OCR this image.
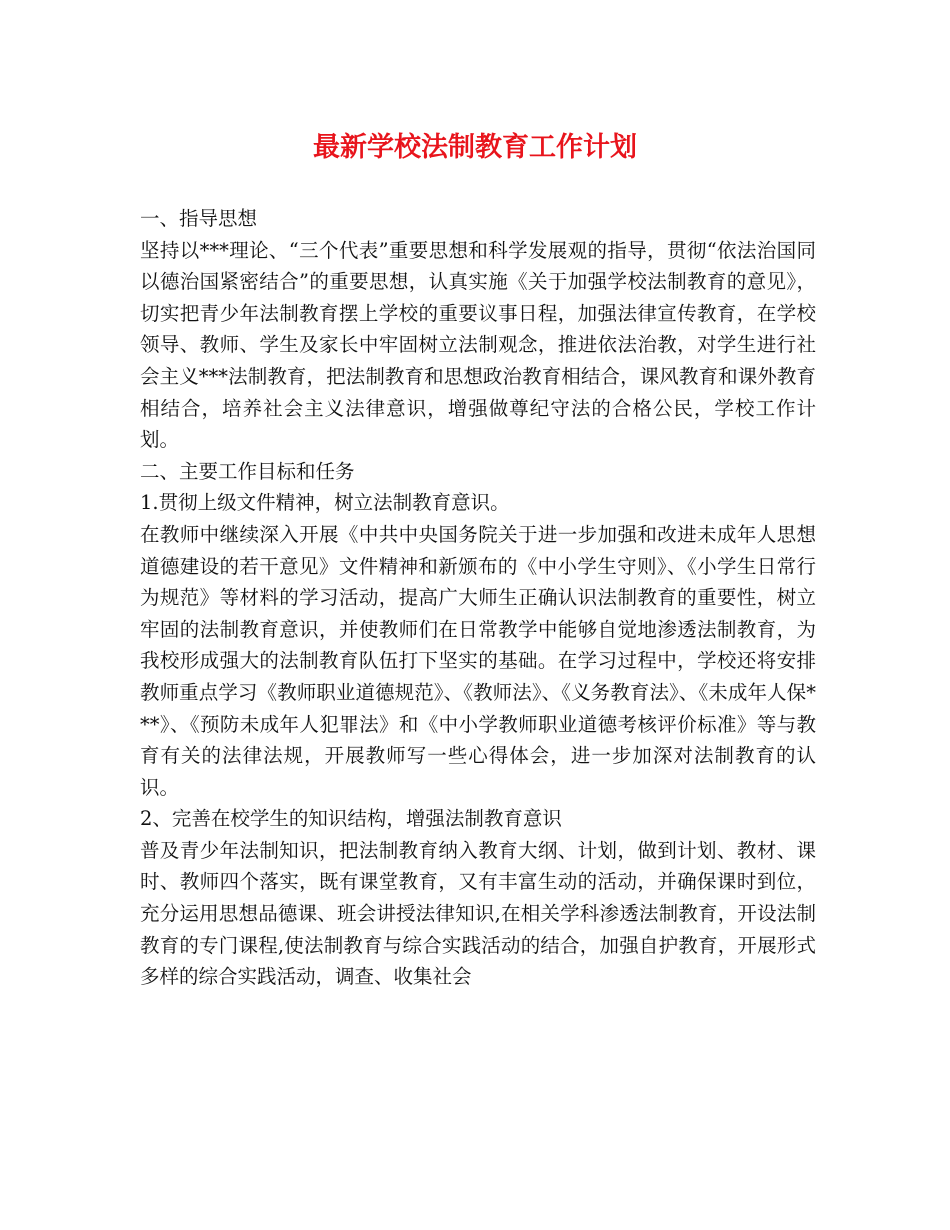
最新学校法制教育工作计划

一、指导思想

坚持以***理论、“三个代表”重要思想和科学发展观的指导，贯彻“依法治国同以德治国紧密结合”的重要思想，认真实施《关于加强学校法制教育的意见》，切实把青少年法制教育摆上学校的重要议事日程，加强法律宣传教育，在学校领导、教师、学生及家长中牢固树立法制观念，推进依法治教，对学生进行社会主义***法制教育，把法制教育和思想政治教育相结合，课风教育和课外教育相结合，培养社会主义法律意识，增强做尊纪守法的合格公民，学校工作计划。

二、主要工作目标和任务

1.贯彻上级文件精神，树立法制教育意识。

在教师中继续深入开展《中共中央国务院关于进一步加强和改进未成年人思想道德建设的若干意见》文件精神和新颁布的《中小学生守则》、《小学生日常行为规范》等材料的学习活动，提高广大师生正确认识法制教育的重要性，树立牢固的法制教育意识，并使教师们在日常教学中能够自觉地渗透法制教育，为我校形成强大的法制教育队伍打下坚实的基础。在学习过程中，学校还将安排教师重点学习《教师职业道德规范》、《教师法》、《义务教育法》、《未成年人保***》、《预防未成年人犯罪法》和《中小学教师职业道德考核评价标准》等与教育有关的法律法规，开展教师写一些心得体会，进一步加深对法制教育的认识。

2、完善在校学生的知识结构，增强法制教育意识

普及青少年法制知识，把法制教育纳入教育大纲、计划，做到计划、教材、课时、教师四个落实，既有课堂教育，又有丰富生动的活动，并确保课时到位，充分运用思想品德课、班会讲授法律知识,在相关学科渗透法制教育，开设法制教育的专门课程,使法制教育与综合实践活动的结合，加强自护教育，开展形式多样的综合实践活动，调查、收集社会
